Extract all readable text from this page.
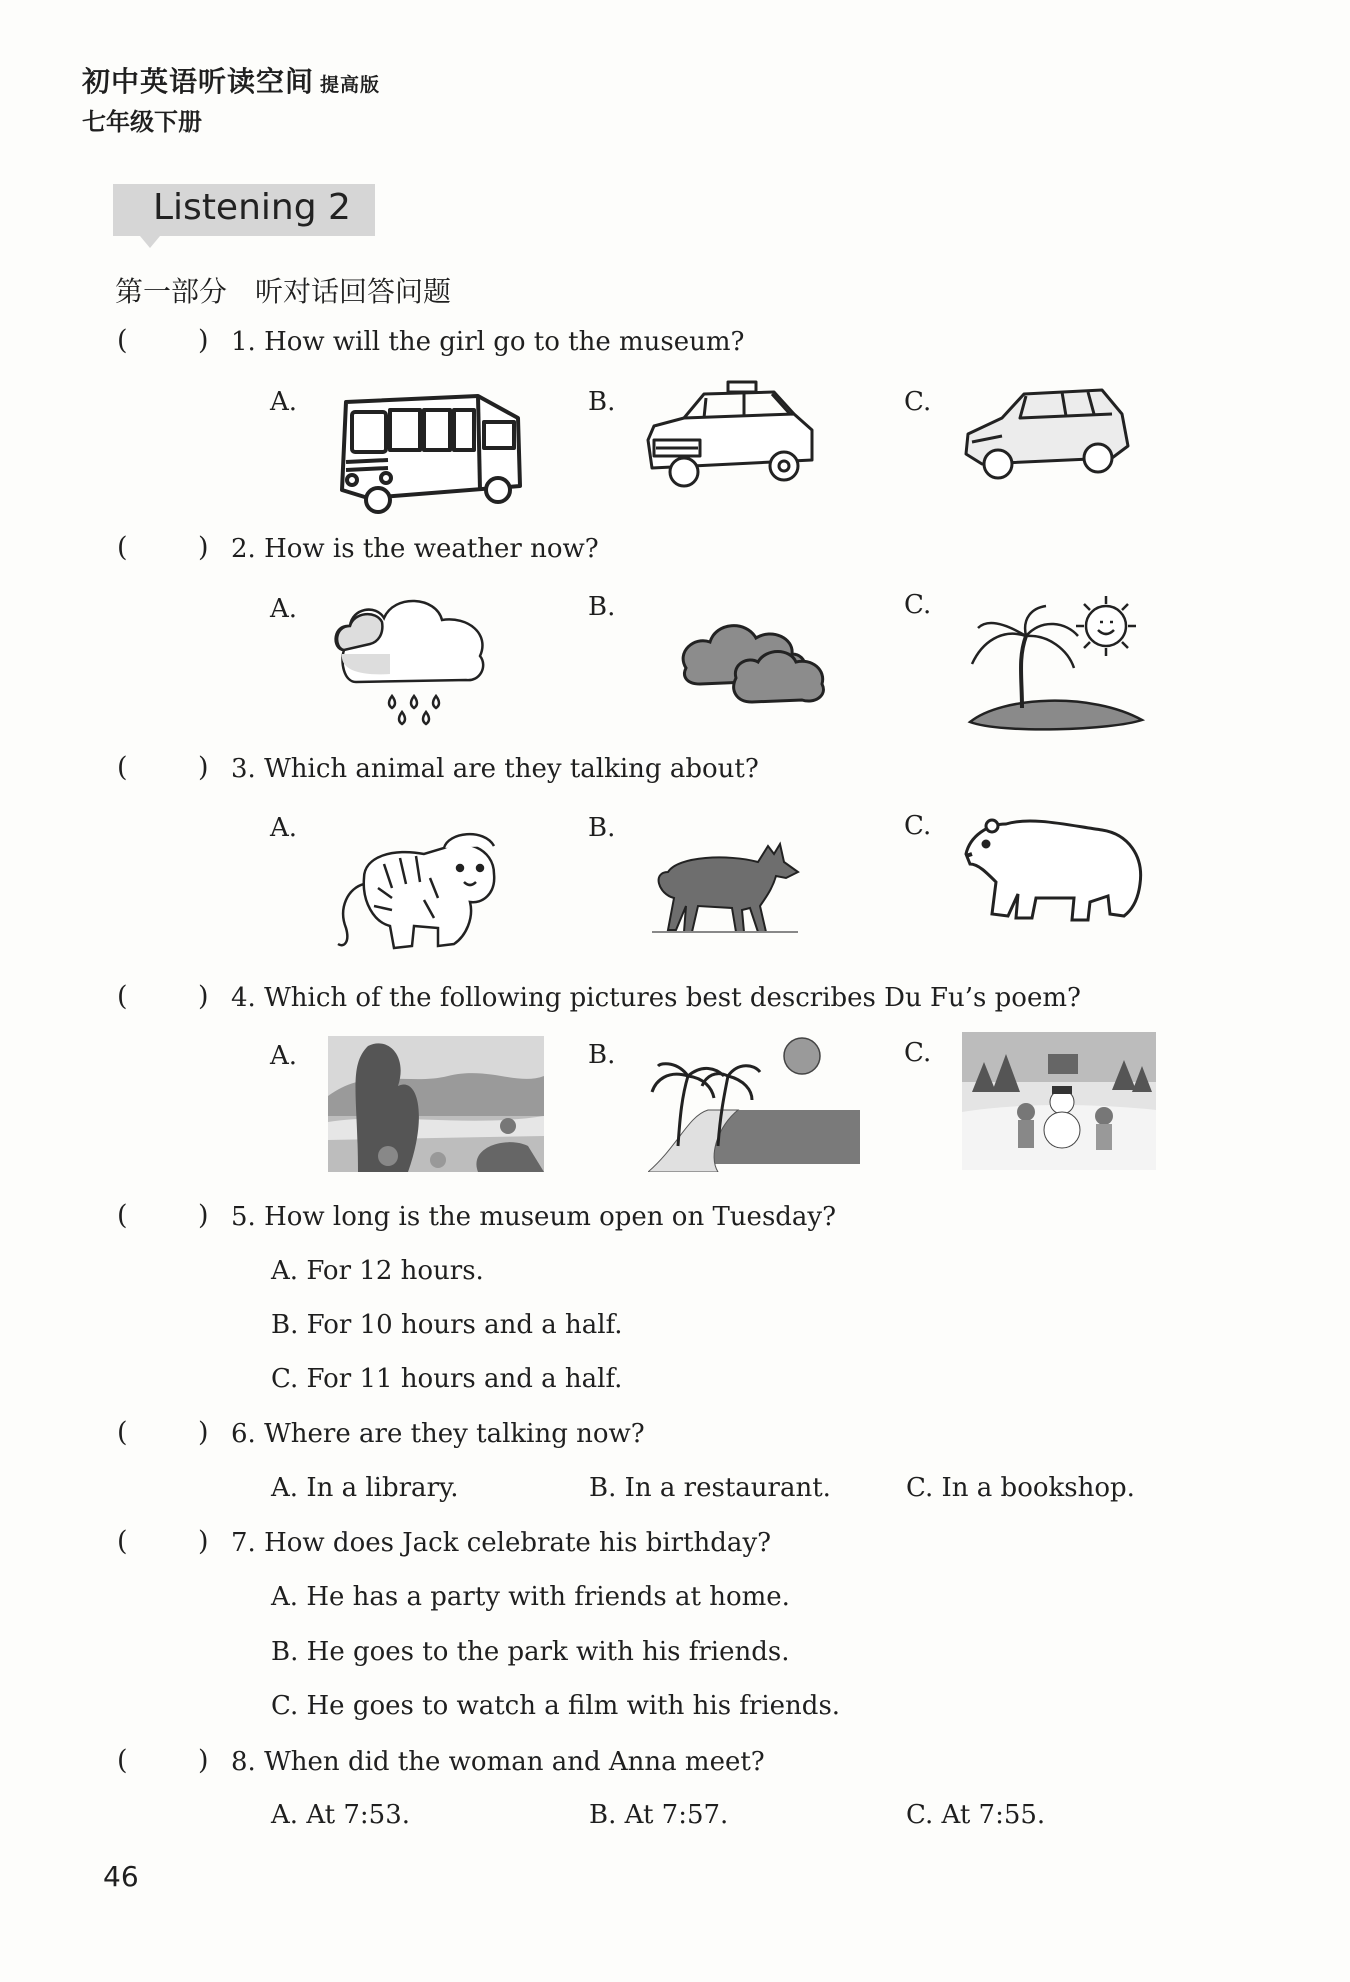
初中英语听读空间 提高版
七年级下册
Listening 2
第一部分　听对话回答问题
(	) 1. How will the girl go to the museum?
A.	B.	C.
(	) 2. How is the weather now?
A.	B.	C.
(	) 3. Which animal are they talking about?
A.	B.	C.
(	) 4. Which of the following pictures best describes Du Fu’s poem?
A.	B.	C.
(	) 5. How long is the museum open on Tuesday?
A. For 12 hours.
B. For 10 hours and a half.
C. For 11 hours and a half.
(	) 6. Where are they talking now?
A. In a library.	B. In a restaurant.	C. In a bookshop.
(	) 7. How does Jack celebrate his birthday?
A. He has a party with friends at home.
B. He goes to the park with his friends.
C. He goes to watch a film with his friends.
(	) 8. When did the woman and Anna meet?
A. At 7:53.	B. At 7:57.	C. At 7:55.
46
